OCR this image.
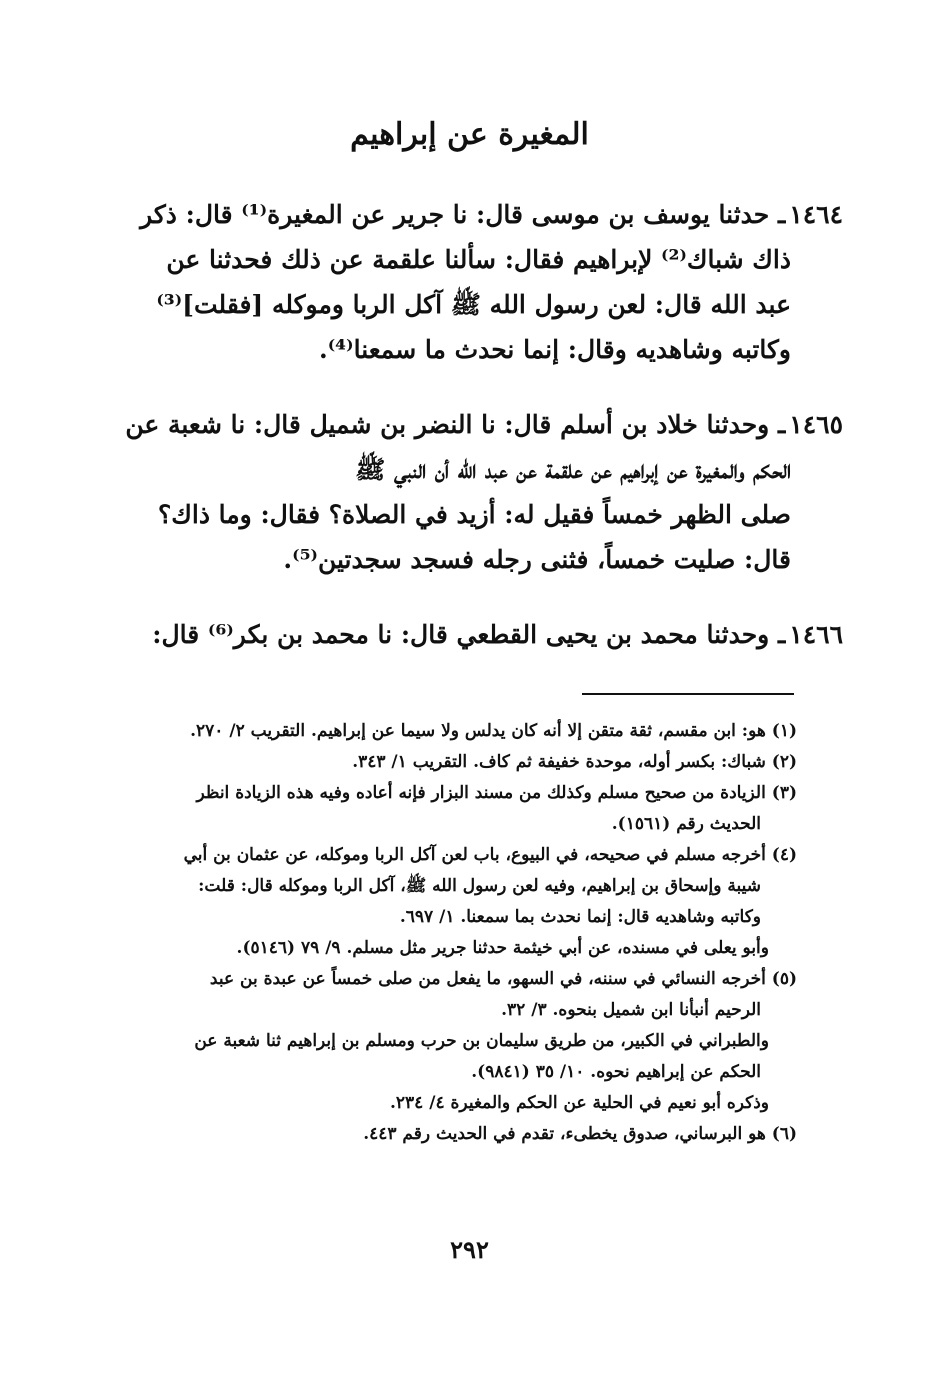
المغيرة عن إبراهيم
١٤٦٤ـ حدثنا يوسف بن موسى قال: نا جرير عن المغيرة⁽¹⁾ قال: ذكر
ذاك شباك⁽²⁾ لإبراهيم فقال: سألنا علقمة عن ذلك فحدثنا عن
عبد الله قال: لعن رسول الله ﷺ آكل الربا وموكله [فقلت]⁽³⁾
وكاتبه وشاهديه وقال: إنما نحدث ما سمعنا⁽⁴⁾.
١٤٦٥ـ وحدثنا خلاد بن أسلم قال: نا النضر بن شميل قال: نا شعبة عن
الحكم والمغيرة عن إبراهيم عن علقمة عن عبد الله أن النبي ﷺ
صلى الظهر خمساً فقيل له: أزيد في الصلاة؟ فقال: وما ذاك؟
قال: صليت خمساً، فثنى رجله فسجد سجدتين⁽⁵⁾.
١٤٦٦ـ وحدثنا محمد بن يحيى القطعي قال: نا محمد بن بكر⁽⁶⁾ قال:
(١) هو: ابن مقسم، ثقة متقن إلا أنه كان يدلس ولا سيما عن إبراهيم. التقريب ٢/ ٢٧٠.
(٢) شباك: بكسر أوله، موحدة خفيفة ثم كاف. التقريب ١/ ٣٤٣.
(٣) الزيادة من صحيح مسلم وكذلك من مسند البزار فإنه أعاده وفيه هذه الزيادة انظر
الحديث رقم (١٥٦١).
(٤) أخرجه مسلم في صحيحه، في البيوع، باب لعن آكل الربا وموكله، عن عثمان بن أبي
شيبة وإسحاق بن إبراهيم، وفيه لعن رسول الله ﷺ، آكل الربا وموكله قال: قلت:
وكاتبه وشاهديه قال: إنما نحدث بما سمعنا. ١/ ٦٩٧.
وأبو يعلى في مسنده، عن أبي خيثمة حدثنا جرير مثل مسلم. ٩/ ٧٩ (٥١٤٦).
(٥) أخرجه النسائي في سننه، في السهو، ما يفعل من صلى خمساً عن عبدة بن عبد
الرحيم أنبأنا ابن شميل بنحوه. ٣/ ٣٢.
والطبراني في الكبير، من طريق سليمان بن حرب ومسلم بن إبراهيم ثنا شعبة عن
الحكم عن إبراهيم نحوه. ١٠/ ٣٥ (٩٨٤١).
وذكره أبو نعيم في الحلية عن الحكم والمغيرة ٤/ ٢٣٤.
(٦) هو البرساني، صدوق يخطىء، تقدم في الحديث رقم ٤٤٣.
٢٩٢
